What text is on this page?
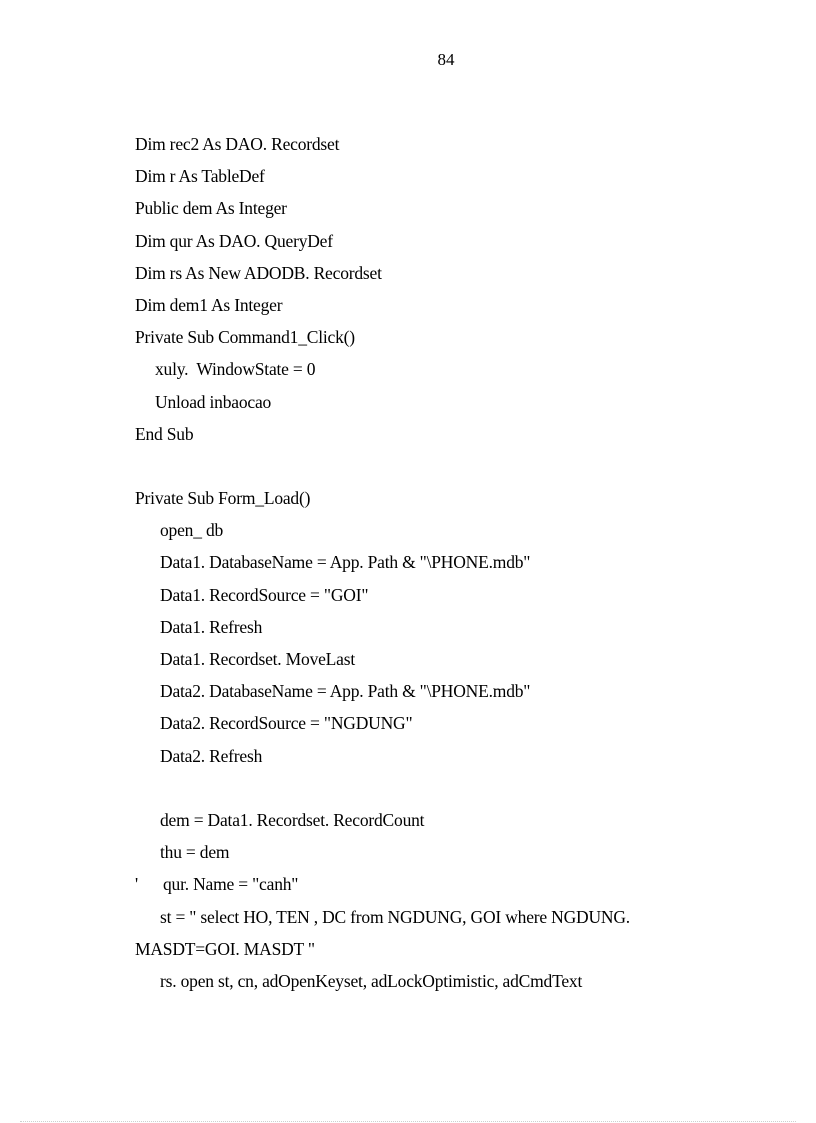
84
Dim rec2 As DAO. Recordset
Dim r As TableDef
Public dem As Integer
Dim qur As DAO. QueryDef
Dim rs As New ADODB. Recordset
Dim dem1 As Integer
Private Sub Command1_Click()
xuly.  WindowState = 0
Unload inbaocao
End Sub
Private Sub Form_Load()
open_ db
Data1. DatabaseName = App. Path & "\PHONE.mdb"
Data1. RecordSource = "GOI"
Data1. Refresh
Data1. Recordset. MoveLast
Data2. DatabaseName = App. Path & "\PHONE.mdb"
Data2. RecordSource = "NGDUNG"
Data2. Refresh
dem = Data1. Recordset. RecordCount
thu = dem
' qur. Name = "canh"
st = " select HO, TEN , DC from NGDUNG, GOI where NGDUNG.
MASDT=GOI. MASDT "
rs. open st, cn, adOpenKeyset, adLockOptimistic, adCmdText
